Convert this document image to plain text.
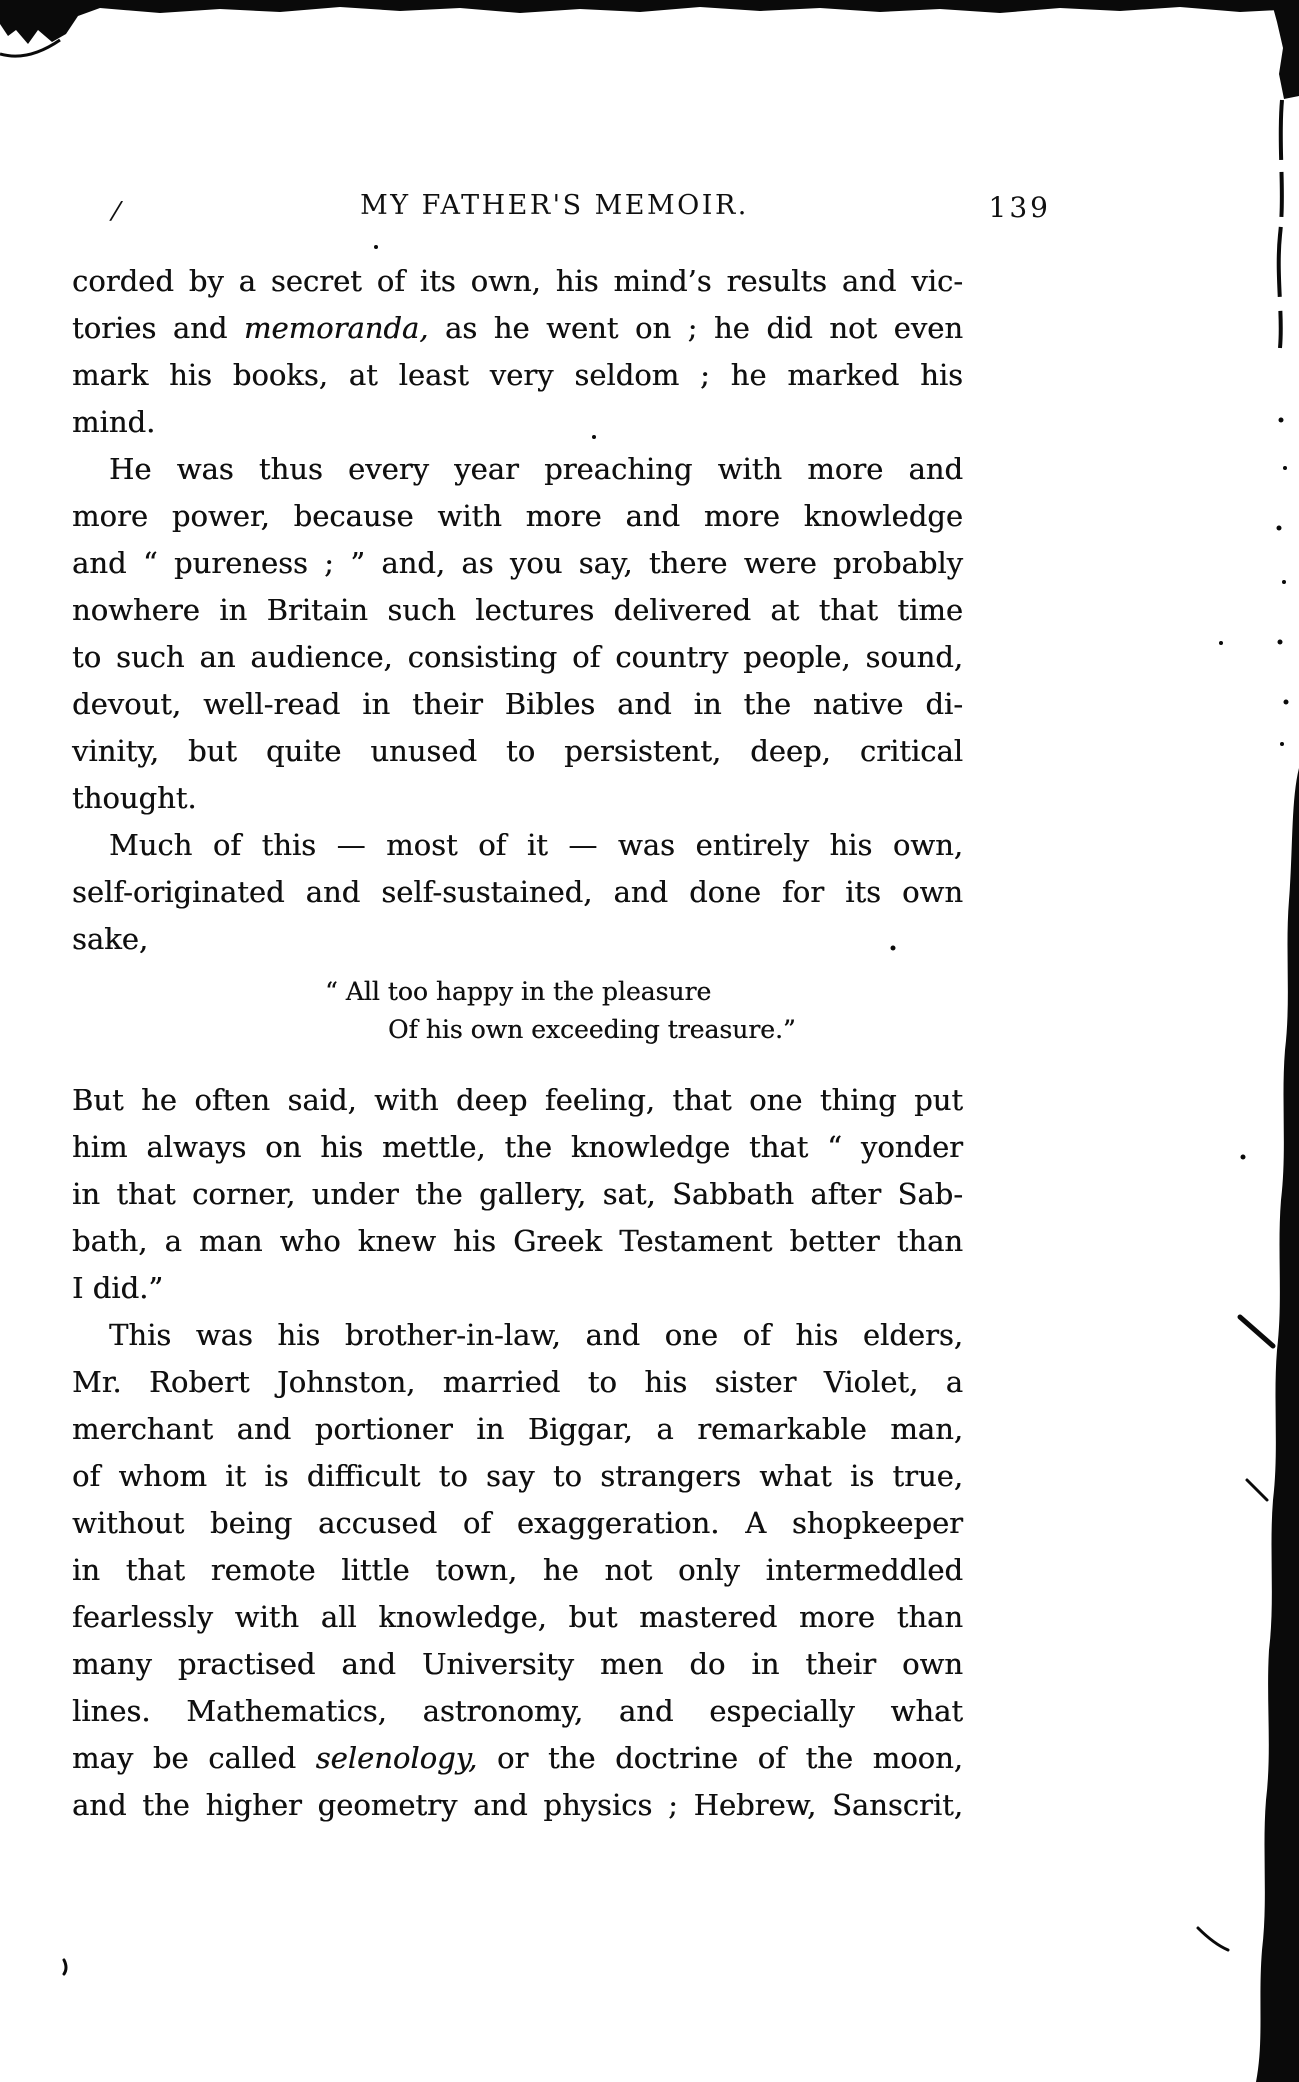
/	MY FATHER'S MEMOIR.	139
corded by a secret of its own, his mind’s results and vic-
tories and memoranda, as he went on ; he did not even
mark his books, at least very seldom ; he marked his
mind.
He was thus every year preaching with more and
more power, because with more and more knowledge
and “ pureness ; ” and, as you say, there were probably
nowhere in Britain such lectures delivered at that time
to such an audience, consisting of country people, sound,
devout, well-read in their Bibles and in the native di-
vinity, but quite unused to persistent, deep, critical
thought.
Much of this — most of it — was entirely his own,
self-originated and self-sustained, and done for its own
sake,
“ All too happy in the pleasure
Of his own exceeding treasure.”
But he often said, with deep feeling, that one thing put
him always on his mettle, the knowledge that “ yonder
in that corner, under the gallery, sat, Sabbath after Sab-
bath, a man who knew his Greek Testament better than
I did.”
This was his brother-in-law, and one of his elders,
Mr. Robert Johnston, married to his sister Violet, a
merchant and portioner in Biggar, a remarkable man,
of whom it is difficult to say to strangers what is true,
without being accused of exaggeration. A shopkeeper
in that remote little town, he not only intermeddled
fearlessly with all knowledge, but mastered more than
many practised and University men do in their own
lines. Mathematics, astronomy, and especially what
may be called selenology, or the doctrine of the moon,
and the higher geometry and physics ; Hebrew, Sanscrit,
